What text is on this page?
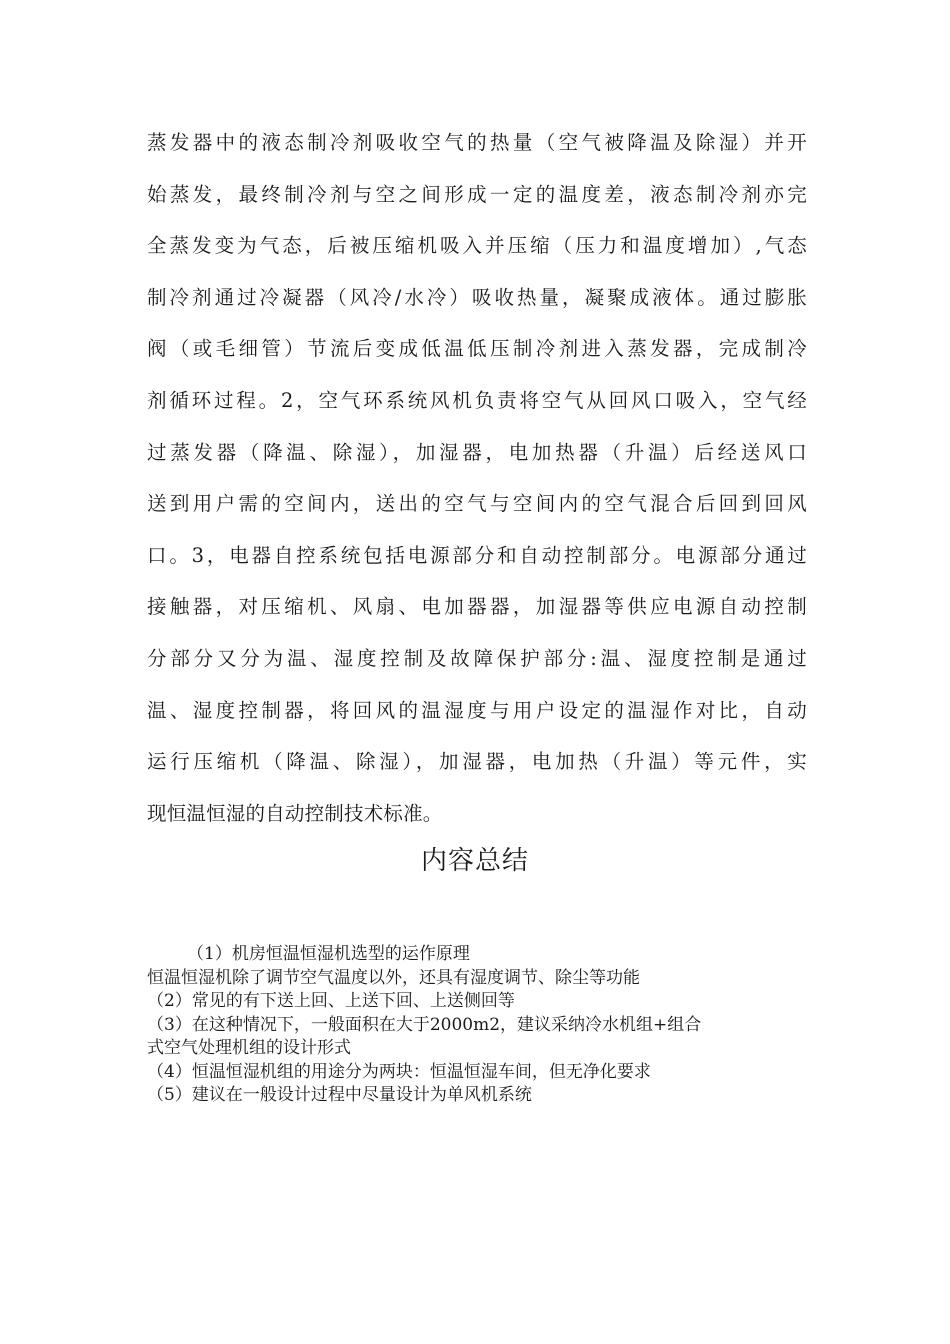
蒸发器中的液态制冷剂吸收空气的热量（空气被降温及除湿）并开
始蒸发，最终制冷剂与空之间形成一定的温度差，液态制冷剂亦完
全蒸发变为气态，后被压缩机吸入并压缩（压力和温度增加）,气态
制冷剂通过冷凝器（风冷/水冷）吸收热量，凝聚成液体。通过膨胀
阀（或毛细管）节流后变成低温低压制冷剂进入蒸发器，完成制冷
剂循环过程。2，空气环系统风机负责将空气从回风口吸入，空气经
过蒸发器（降温、除湿），加湿器，电加热器（升温）后经送风口
送到用户需的空间内，送出的空气与空间内的空气混合后回到回风
口。3，电器自控系统包括电源部分和自动控制部分。电源部分通过
接触器，对压缩机、风扇、电加器器，加湿器等供应电源自动控制
分部分又分为温、湿度控制及故障保护部分:温、湿度控制是通过
温、湿度控制器，将回风的温湿度与用户设定的温湿作对比，自动
运行压缩机（降温、除湿），加湿器，电加热（升温）等元件，实
现恒温恒湿的自动控制技术标准。
内容总结
（1）机房恒温恒湿机选型的运作原理
恒温恒湿机除了调节空气温度以外，还具有湿度调节、除尘等功能
（2）常见的有下送上回、上送下回、上送侧回等
（3）在这种情况下，一般面积在大于2000m2，建议采纳冷水机组+组合
式空气处理机组的设计形式
（4）恒温恒湿机组的用途分为两块：恒温恒湿车间，但无净化要求
（5）建议在一般设计过程中尽量设计为单风机系统
